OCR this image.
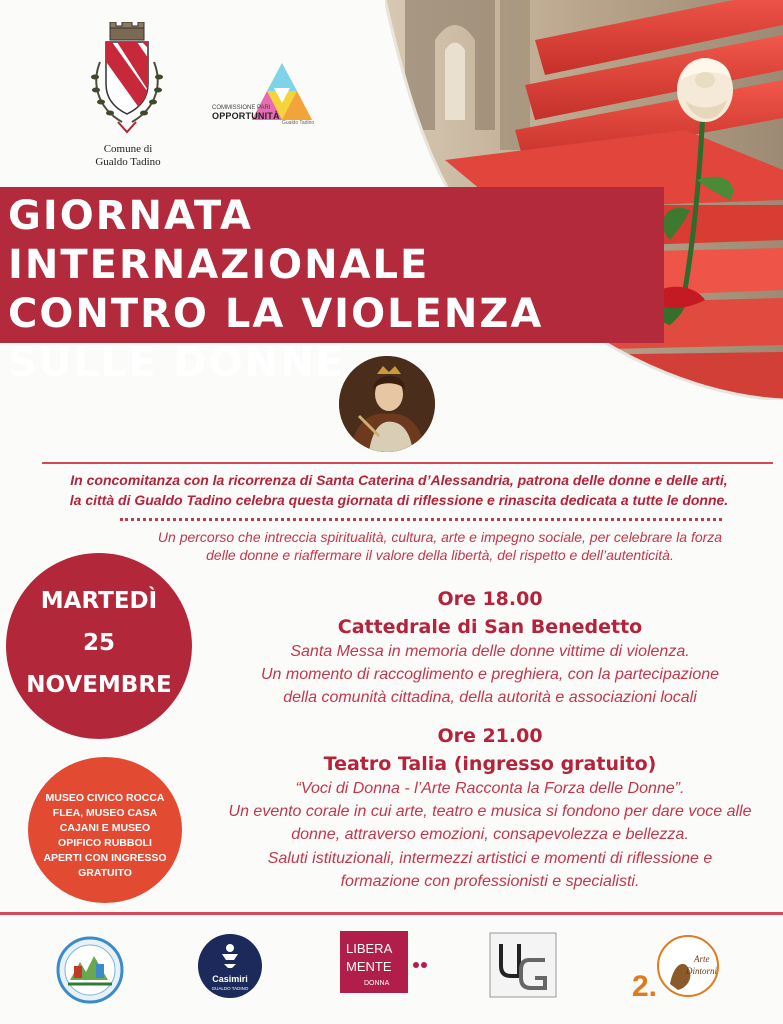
Comune di
Gualdo Tadino
COMMISSIONE PARI
OPPORTUNITÀ
Gualdo Tadino
GIORNATA INTERNAZIONALE
CONTRO LA VIOLENZA
SULLE DONNE
In concomitanza con la ricorrenza di Santa Caterina d’Alessandria, patrona delle donne e delle arti,
la città di Gualdo Tadino celebra questa giornata di riflessione e rinascita dedicata a tutte le donne.
Un percorso che intreccia spiritualità, cultura, arte e impegno sociale, per celebrare la forza
delle donne e riaffermare il valore della libertà, del rispetto e dell’autenticità.
MARTEDÌ
25
NOVEMBRE
MUSEO CIVICO ROCCA
FLEA, MUSEO CASA
CAJANI E MUSEO
OPIFICO RUBBOLI
APERTI CON INGRESSO
GRATUITO
Ore 18.00
Cattedrale di San Benedetto
Santa Messa in memoria delle donne vittime di violenza.
Un momento di raccoglimento e preghiera, con la partecipazione
della comunità cittadina, della autorità e associazioni locali
Ore 21.00
Teatro Talia (ingresso gratuito)
“Voci di Donna - l’Arte Racconta la Forza delle Donne”.
Un evento corale in cui arte, teatro e musica si fondono per dare voce alle
donne, attraverso emozioni, consapevolezza e bellezza.
Saluti istituzionali, intermezzi artistici e momenti di riflessione e
formazione con professionisti e specialisti.
Casimiri
GUALDO TADINO
LIBERA
MENTE
DONNA	2.
Arte
Dintorni
